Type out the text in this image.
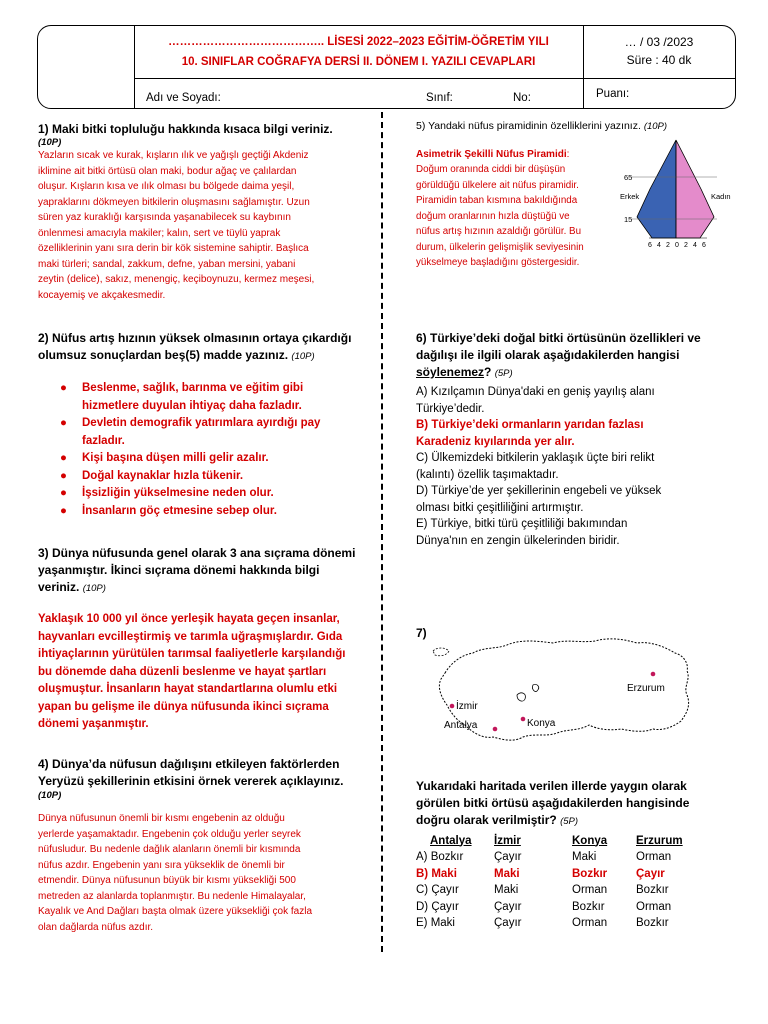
………………………………….. LİSESİ 2022–2023 EĞİTİM-ÖĞRETİM YILI
10. SINIFLAR COĞRAFYA DERSİ II. DÖNEM I. YAZILI CEVAPLARI
… / 03 /2023
Süre : 40 dk
Adı ve Soyadı:	Sınıf:	No:	Puanı:
1) Maki bitki topluluğu hakkında kısaca bilgi veriniz.
(10P)
Yazların sıcak ve kurak, kışların ılık ve yağışlı geçtiği Akdeniz
iklimine ait bitki örtüsü olan maki, bodur ağaç ve çalılardan
oluşur. Kışların kısa ve ılık olması bu bölgede daima yeşil,
yapraklarını dökmeyen bitkilerin oluşmasını sağlamıştır. Uzun
süren yaz kuraklığı karşısında yaşanabilecek su kaybının
önlenmesi amacıyla makiler; kalın, sert ve tüylü yaprak
özelliklerinin yanı sıra derin bir kök sistemine sahiptir. Başlıca
maki türleri; sandal, zakkum, defne, yaban mersini, yabani
zeytin (delice), sakız, menengiç, keçiboynuzu, kermez meşesi,
kocayemiş ve akçakesmedir.
2) Nüfus artış hızının yüksek olmasının ortaya çıkardığı
olumsuz sonuçlardan beş(5) madde yazınız. (10P)
● Beslenme, sağlık, barınma ve eğitim gibi
hizmetlere duyulan ihtiyaç daha fazladır.
● Devletin demografik yatırımlara ayırdığı pay
fazladır.
● Kişi başına düşen milli gelir azalır.
● Doğal kaynaklar hızla tükenir.
● İşsizliğin yükselmesine neden olur.
● İnsanların göç etmesine sebep olur.
3) Dünya nüfusunda genel olarak 3 ana sıçrama dönemi
yaşanmıştır. İkinci sıçrama dönemi hakkında bilgi
veriniz. (10P)
Yaklaşık 10 000 yıl önce yerleşik hayata geçen insanlar,
hayvanları evcilleştirmiş ve tarımla uğraşmışlardır. Gıda
ihtiyaçlarının yürütülen tarımsal faaliyetlerle karşılandığı
bu dönemde daha düzenli beslenme ve hayat şartları
oluşmuştur. İnsanların hayat standartlarına olumlu etki
yapan bu gelişme ile dünya nüfusunda ikinci sıçrama
dönemi yaşanmıştır.
4) Dünya’da nüfusun dağılışını etkileyen faktörlerden
Yeryüzü şekillerinin etkisini örnek vererek açıklayınız.
(10P)
Dünya nüfusunun önemli bir kısmı engebenin az olduğu
yerlerde yaşamaktadır. Engebenin çok olduğu yerler seyrek
nüfusludur. Bu nedenle dağlık alanların önemli bir kısmında
nüfus azdır. Engebenin yanı sıra yükseklik de önemli bir
etmendir. Dünya nüfusunun büyük bir kısmı yüksekliği 500
metreden az alanlarda toplanmıştır. Bu nedenle Himalayalar,
Kayalık ve And Dağları başta olmak üzere yüksekliği çok fazla
olan dağlarda nüfus azdır.
5) Yandaki nüfus piramidinin özelliklerini yazınız. (10P)
Asimetrik Şekilli Nüfus Piramidi:
Doğum oranında ciddi bir düşüşün
görüldüğü ülkelere ait nüfus piramidir.
Piramidin taban kısmına bakıldığında
doğum oranlarının hızla düştüğü ve
nüfus artış hızının azaldığı görülür. Bu
durum, ülkelerin gelişmişlik seviyesinin
yükselmeye başladığını göstergesidir.
65
15
Erkek	Kadın
6 4 2 0 2 4 6
6) Türkiye’deki doğal bitki örtüsünün özellikleri ve
dağılışı ile ilgili olarak aşağıdakilerden hangisi
söylenemez? (5P)
A) Kızılçamın Dünya'daki en geniş yayılış alanı
Türkiye’dedir.
B) Türkiye’deki ormanların yarıdan fazlası
Karadeniz kıyılarında yer alır.
C) Ülkemizdeki bitkilerin yaklaşık üçte biri relikt
(kalıntı) özellik taşımaktadır.
D) Türkiye’de yer şekillerinin engebeli ve yüksek
olması bitki çeşitliliğini artırmıştır.
E) Türkiye, bitki türü çeşitliliği bakımından
Dünya'nın en zengin ülkelerinden biridir.
7)
İzmir
Antalya	Konya
Erzurum
Yukarıdaki haritada verilen illerde yaygın olarak
görülen bitki örtüsü aşağıdakilerden hangisinde
doğru olarak verilmiştir? (5P)
Antalya	İzmir	Konya	Erzurum
A) Bozkır	Çayır	Maki	Orman
B) Maki	Maki	Bozkır	Çayır
C) Çayır	Maki	Orman	Bozkır
D) Çayır	Çayır	Bozkır	Orman
E) Maki	Çayır	Orman	Bozkır
